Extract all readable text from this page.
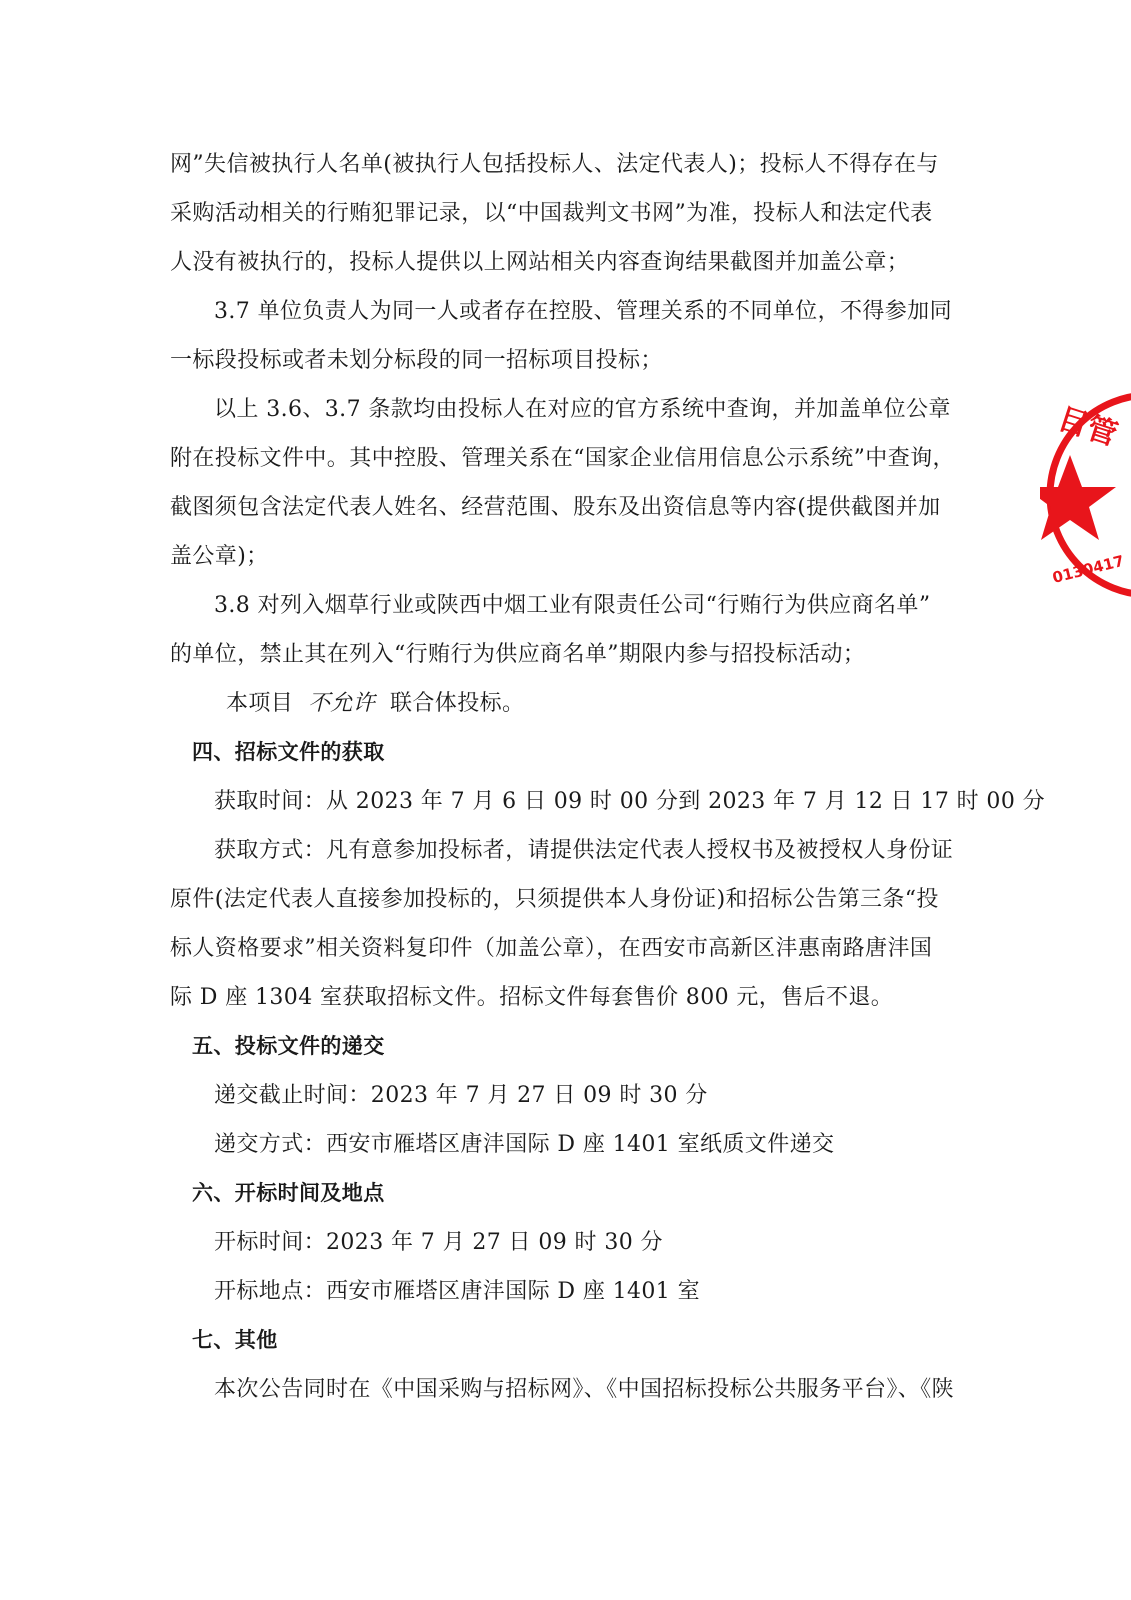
网”失信被执行人名单(被执行人包括投标人、法定代表人)；投标人不得存在与
采购活动相关的行贿犯罪记录，以“中国裁判文书网”为准，投标人和法定代表
人没有被执行的，投标人提供以上网站相关内容查询结果截图并加盖公章；
3.7 单位负责人为同一人或者存在控股、管理关系的不同单位，不得参加同
一标段投标或者未划分标段的同一招标项目投标；
以上 3.6、3.7 条款均由投标人在对应的官方系统中查询，并加盖单位公章
附在投标文件中。其中控股、管理关系在“国家企业信用信息公示系统”中查询，
截图须包含法定代表人姓名、经营范围、股东及出资信息等内容(提供截图并加
盖公章)；
3.8 对列入烟草行业或陕西中烟工业有限责任公司“行贿行为供应商名单”
的单位，禁止其在列入“行贿行为供应商名单”期限内参与招投标活动；
本项目 不允许 联合体投标。
四、招标文件的获取
获取时间：从 2023 年 7 月 6 日 09 时 00 分到 2023 年 7 月 12 日 17 时 00 分
获取方式：凡有意参加投标者，请提供法定代表人授权书及被授权人身份证
原件(法定代表人直接参加投标的，只须提供本人身份证)和招标公告第三条“投
标人资格要求”相关资料复印件（加盖公章），在西安市高新区沣惠南路唐沣国
际 D 座 1304 室获取招标文件。招标文件每套售价 800 元，售后不退。
五、投标文件的递交
递交截止时间：2023 年 7 月 27 日 09 时 30 分
递交方式：西安市雁塔区唐沣国际 D 座 1401 室纸质文件递交
六、开标时间及地点
开标时间：2023 年 7 月 27 日 09 时 30 分
开标地点：西安市雁塔区唐沣国际 D 座 1401 室
七、其他
本次公告同时在《中国采购与招标网》、《中国招标投标公共服务平台》、《陕
目管
0130417
